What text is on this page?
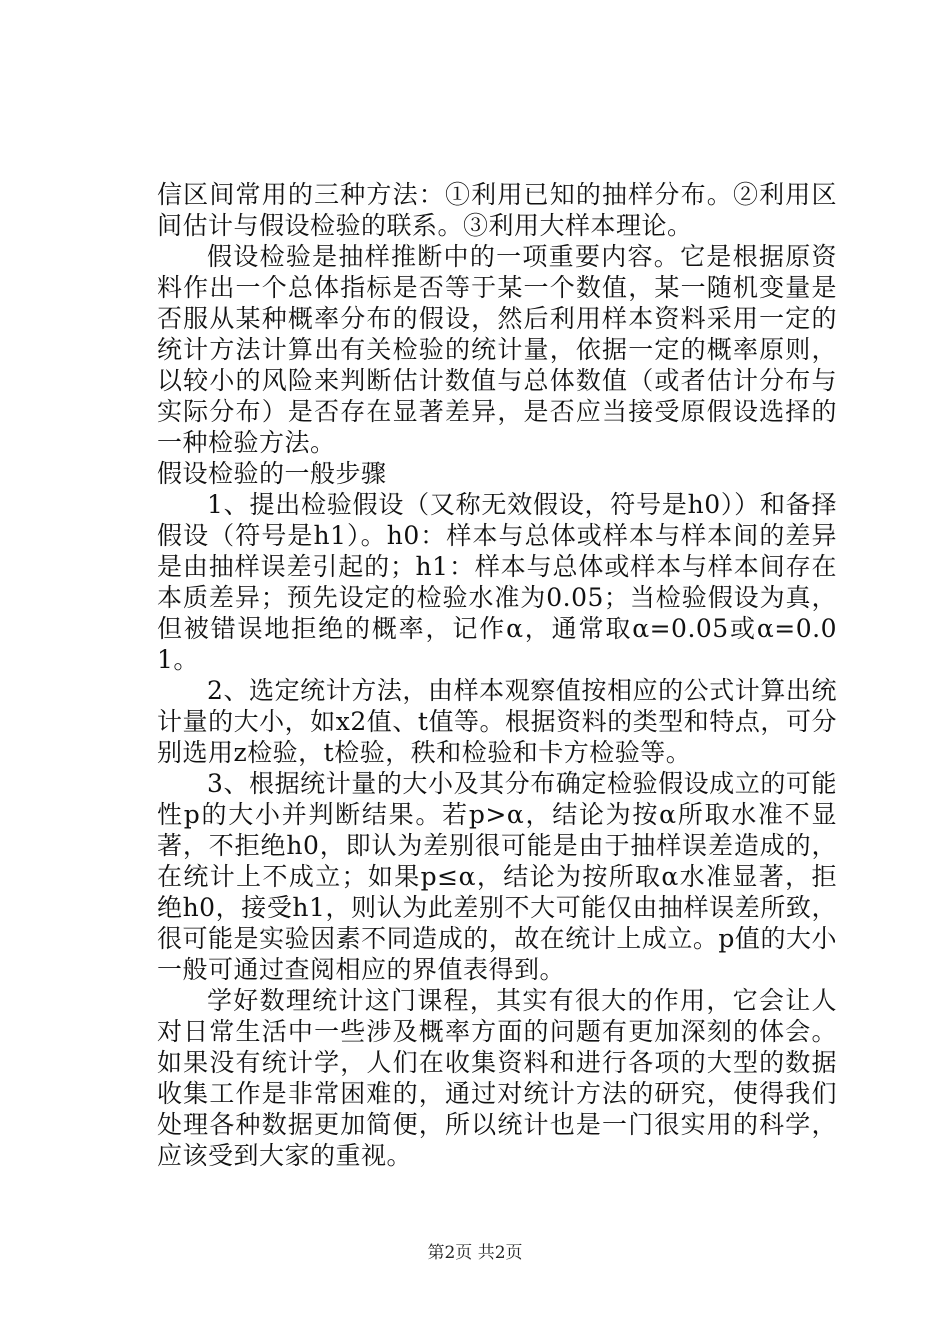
信区间常用的三种方法：①利用已知的抽样分布。②利用区间估计与假设检验的联系。③利用大样本理论。

假设检验是抽样推断中的一项重要内容。它是根据原资料作出一个总体指标是否等于某一个数值，某一随机变量是否服从某种概率分布的假设，然后利用样本资料采用一定的统计方法计算出有关检验的统计量，依据一定的概率原则，以较小的风险来判断估计数值与总体数值（或者估计分布与实际分布）是否存在显著差异，是否应当接受原假设选择的一种检验方法。

假设检验的一般步骤

1、提出检验假设（又称无效假设，符号是h0））和备择假设（符号是h1）。h0：样本与总体或样本与样本间的差异是由抽样误差引起的；h1：样本与总体或样本与样本间存在本质差异；预先设定的检验水准为0.05；当检验假设为真，但被错误地拒绝的概率，记作α，通常取α=0.05或α=0.01。

2、选定统计方法，由样本观察值按相应的公式计算出统计量的大小，如x2值、t值等。根据资料的类型和特点，可分别选用z检验，t检验，秩和检验和卡方检验等。

3、根据统计量的大小及其分布确定检验假设成立的可能性p的大小并判断结果。若p>α，结论为按α所取水准不显著，不拒绝h0，即认为差别很可能是由于抽样误差造成的，在统计上不成立；如果p≤α，结论为按所取α水准显著，拒绝h0，接受h1，则认为此差别不大可能仅由抽样误差所致，很可能是实验因素不同造成的，故在统计上成立。p值的大小一般可通过查阅相应的界值表得到。

学好数理统计这门课程，其实有很大的作用，它会让人对日常生活中一些涉及概率方面的问题有更加深刻的体会。如果没有统计学，人们在收集资料和进行各项的大型的数据收集工作是非常困难的，通过对统计方法的研究，使得我们处理各种数据更加简便，所以统计也是一门很实用的科学，应该受到大家的重视。

第2页 共2页
